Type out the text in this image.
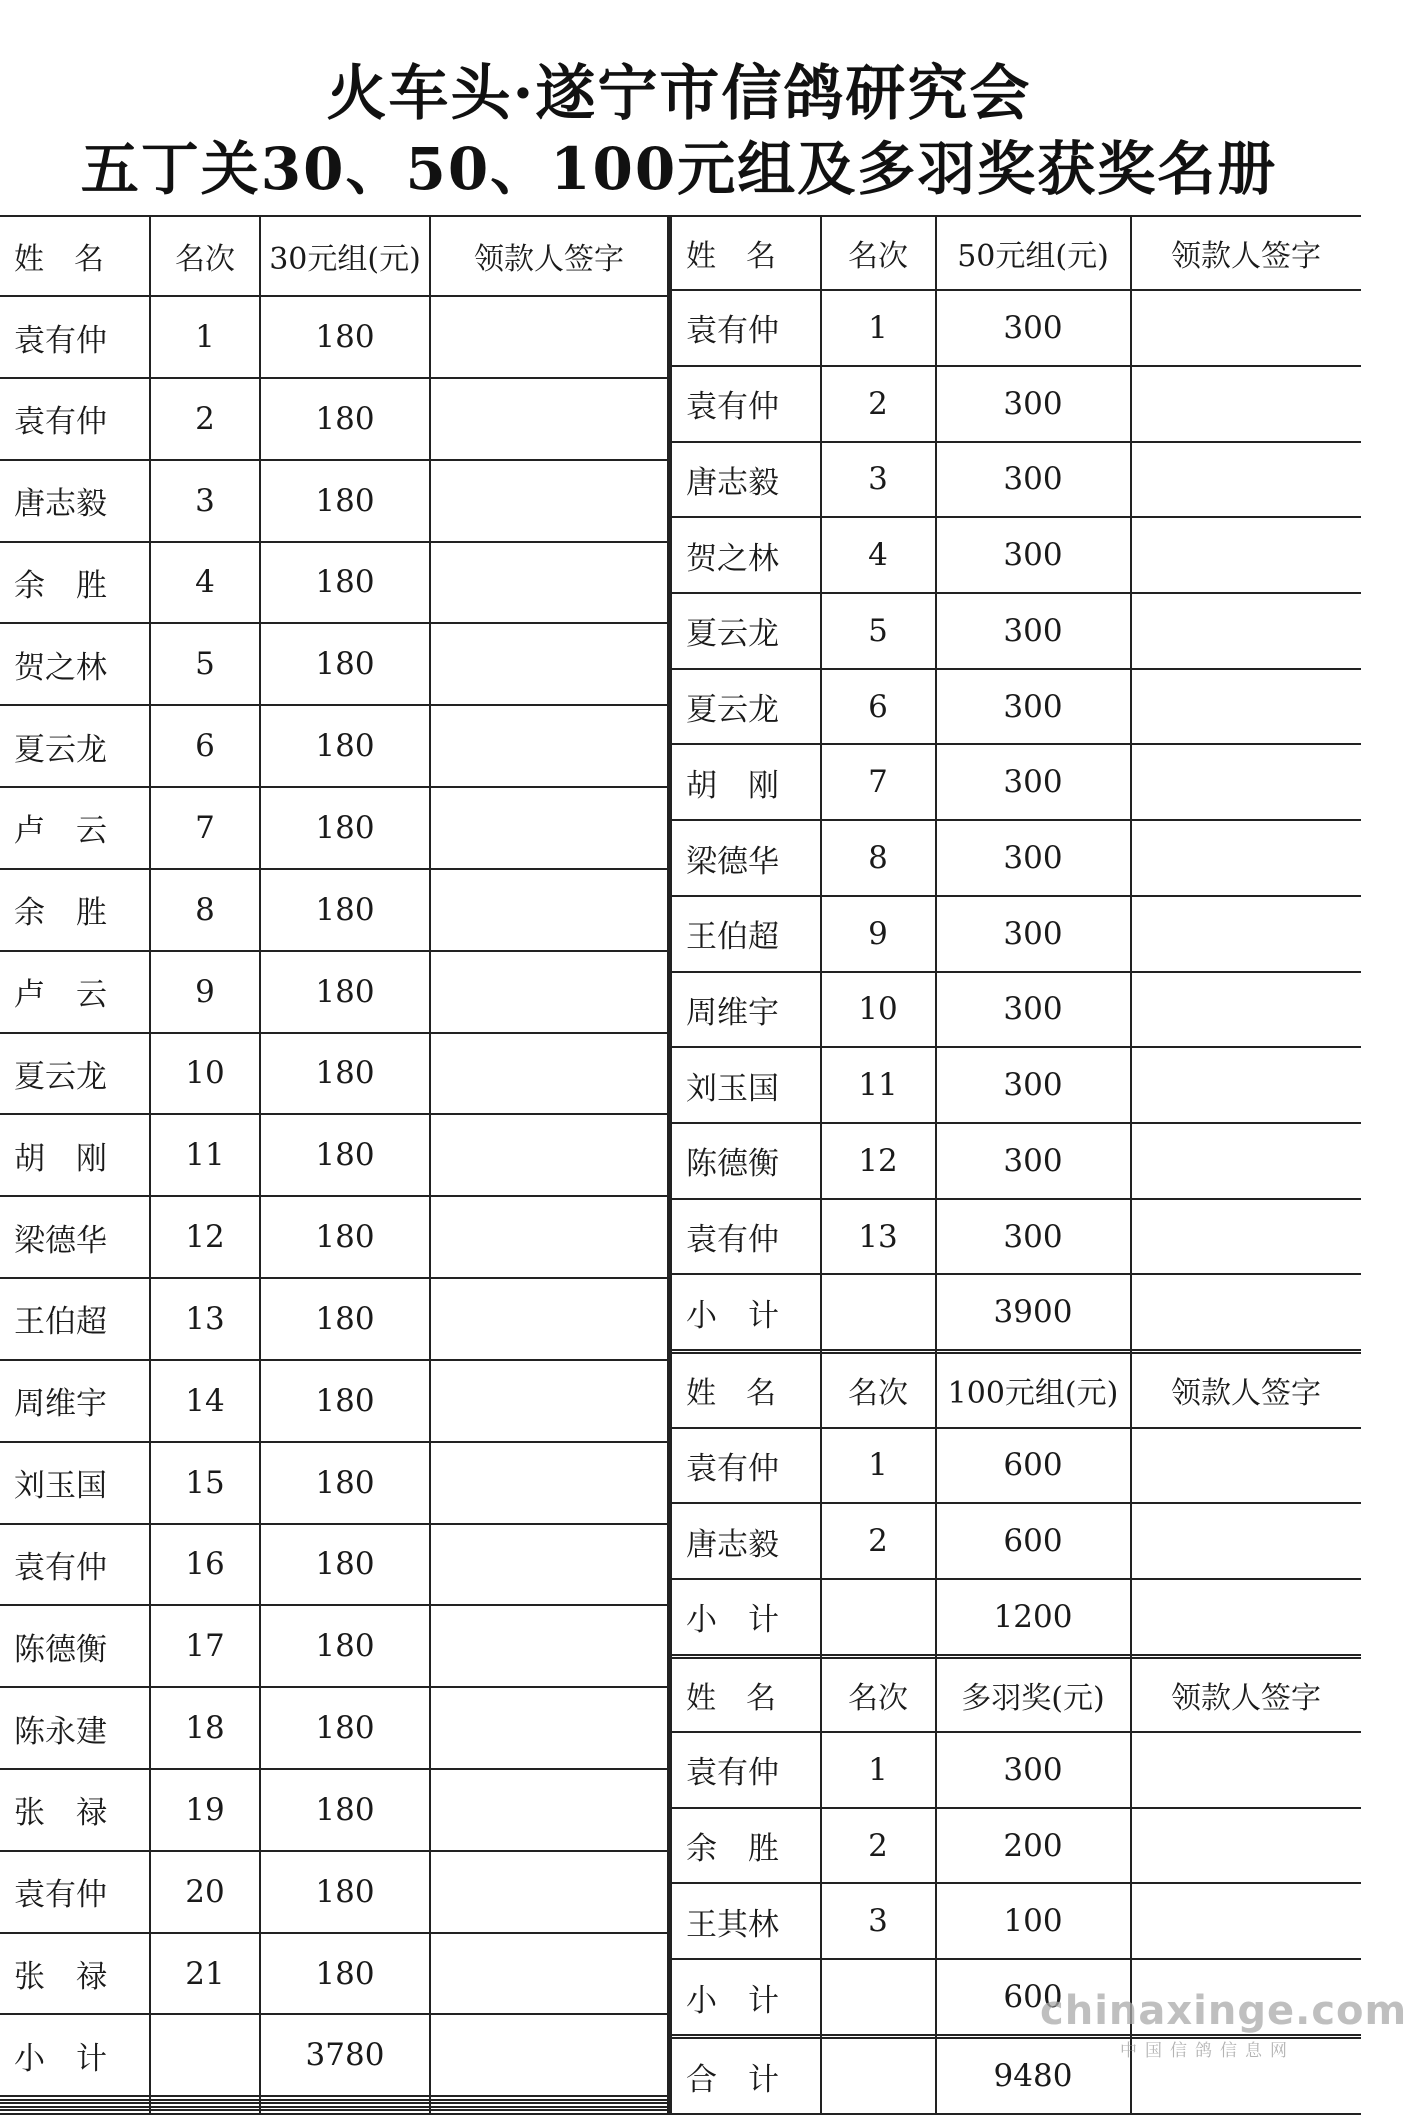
火车头·遂宁市信鸽研究会
五丁关30、50、100元组及多羽奖获奖名册
姓　名	名次	30元组(元)	领款人签字
袁有仲	1	180	
袁有仲	2	180	
唐志毅	3	180	
余　胜	4	180	
贺之林	5	180	
夏云龙	6	180	
卢　云	7	180	
余　胜	8	180	
卢　云	9	180	
夏云龙	10	180	
胡　刚	11	180	
梁德华	12	180	
王伯超	13	180	
周维宇	14	180	
刘玉国	15	180	
袁有仲	16	180	
陈德衡	17	180	
陈永建	18	180	
张　禄	19	180	
袁有仲	20	180	
张　禄	21	180	
小　计		3780	

姓　名	名次	50元组(元)	领款人签字
袁有仲	1	300	
袁有仲	2	300	
唐志毅	3	300	
贺之林	4	300	
夏云龙	5	300	
夏云龙	6	300	
胡　刚	7	300	
梁德华	8	300	
王伯超	9	300	
周维宇	10	300	
刘玉国	11	300	
陈德衡	12	300	
袁有仲	13	300	
小　计		3900	

姓　名	名次	100元组(元)	领款人签字
袁有仲	1	600	
唐志毅	2	600	
小　计		1200	

姓　名	名次	多羽奖(元)	领款人签字
袁有仲	1	300	
余　胜	2	200	
王其林	3	100	
小　计		600	

合　计		9480	
chinaxinge.com
中国信鸽信息网
